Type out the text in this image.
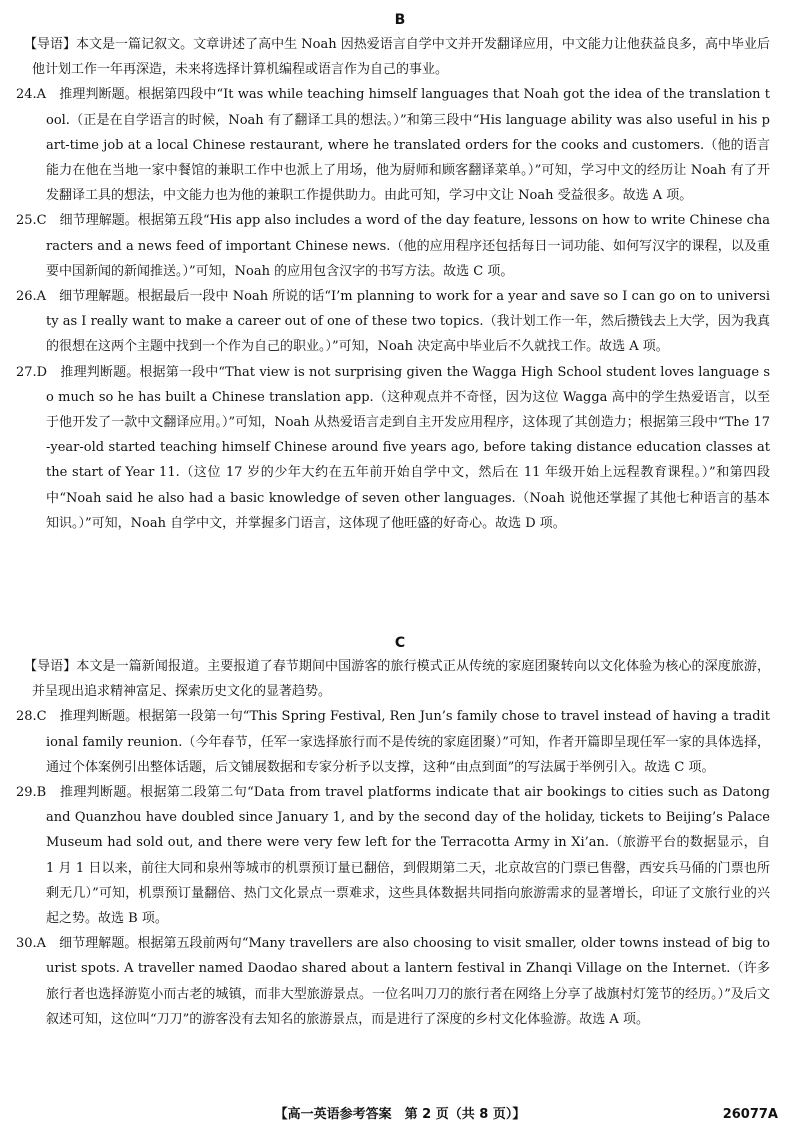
B

【导语】本文是一篇记叙文。文章讲述了高中生 Noah 因热爱语言自学中文并开发翻译应用，中文能力让他获益良多，高中毕业后他计划工作一年再深造，未来将选择计算机编程或语言作为自己的事业。

24.A　推理判断题。根据第四段中“It was while teaching himself languages that Noah got the idea of the translation tool.（正是在自学语言的时候，Noah 有了翻译工具的想法。）”和第三段中“His language ability was also useful in his part-time job at a local Chinese restaurant, where he translated orders for the cooks and customers.（他的语言能力在他在当地一家中餐馆的兼职工作中也派上了用场，他为厨师和顾客翻译菜单。）”可知，学习中文的经历让 Noah 有了开发翻译工具的想法，中文能力也为他的兼职工作提供助力。由此可知，学习中文让 Noah 受益很多。故选 A 项。

25.C　细节理解题。根据第五段“His app also includes a word of the day feature, lessons on how to write Chinese characters and a news feed of important Chinese news.（他的应用程序还包括每日一词功能、如何写汉字的课程，以及重要中国新闻的新闻推送。）”可知，Noah 的应用包含汉字的书写方法。故选 C 项。

26.A　细节理解题。根据最后一段中 Noah 所说的话“I’m planning to work for a year and save so I can go on to university as I really want to make a career out of one of these two topics.（我计划工作一年，然后攒钱去上大学，因为我真的很想在这两个主题中找到一个作为自己的职业。）”可知，Noah 决定高中毕业后不久就找工作。故选 A 项。

27.D　推理判断题。根据第一段中“That view is not surprising given the Wagga High School student loves language so much so he has built a Chinese translation app.（这种观点并不奇怪，因为这位 Wagga 高中的学生热爱语言，以至于他开发了一款中文翻译应用。）”可知，Noah 从热爱语言走到自主开发应用程序，这体现了其创造力；根据第三段中“The 17-year-old started teaching himself Chinese around five years ago, before taking distance education classes at the start of Year 11.（这位 17 岁的少年大约在五年前开始自学中文，然后在 11 年级开始上远程教育课程。）”和第四段中“Noah said he also had a basic knowledge of seven other languages.（Noah 说他还掌握了其他七种语言的基本知识。）”可知，Noah 自学中文，并掌握多门语言，这体现了他旺盛的好奇心。故选 D 项。

C

【导语】本文是一篇新闻报道。主要报道了春节期间中国游客的旅行模式正从传统的家庭团聚转向以文化体验为核心的深度旅游，并呈现出追求精神富足、探索历史文化的显著趋势。

28.C　推理判断题。根据第一段第一句“This Spring Festival, Ren Jun’s family chose to travel instead of having a traditional family reunion.（今年春节，任军一家选择旅行而不是传统的家庭团聚）”可知，作者开篇即呈现任军一家的具体选择，通过个体案例引出整体话题，后文铺展数据和专家分析予以支撑，这种“由点到面”的写法属于举例引入。故选 C 项。

29.B　推理判断题。根据第二段第二句“Data from travel platforms indicate that air bookings to cities such as Datong and Quanzhou have doubled since January 1, and by the second day of the holiday, tickets to Beijing’s Palace Museum had sold out, and there were very few left for the Terracotta Army in Xi’an.（旅游平台的数据显示，自 1 月 1 日以来，前往大同和泉州等城市的机票预订量已翻倍，到假期第二天，北京故宫的门票已售罄，西安兵马俑的门票也所剩无几）”可知，机票预订量翻倍、热门文化景点一票难求，这些具体数据共同指向旅游需求的显著增长，印证了文旅行业的兴起之势。故选 B 项。

30.A　细节理解题。根据第五段前两句“Many travellers are also choosing to visit smaller, older towns instead of big tourist spots. A traveller named Daodao shared about a lantern festival in Zhanqi Village on the Internet.（许多旅行者也选择游览小而古老的城镇，而非大型旅游景点。一位名叫刀刀的旅行者在网络上分享了战旗村灯笼节的经历。）”及后文叙述可知，这位叫“刀刀”的游客没有去知名的旅游景点，而是进行了深度的乡村文化体验游。故选 A 项。

【高一英语参考答案　第 2 页（共 8 页）】	26077A
